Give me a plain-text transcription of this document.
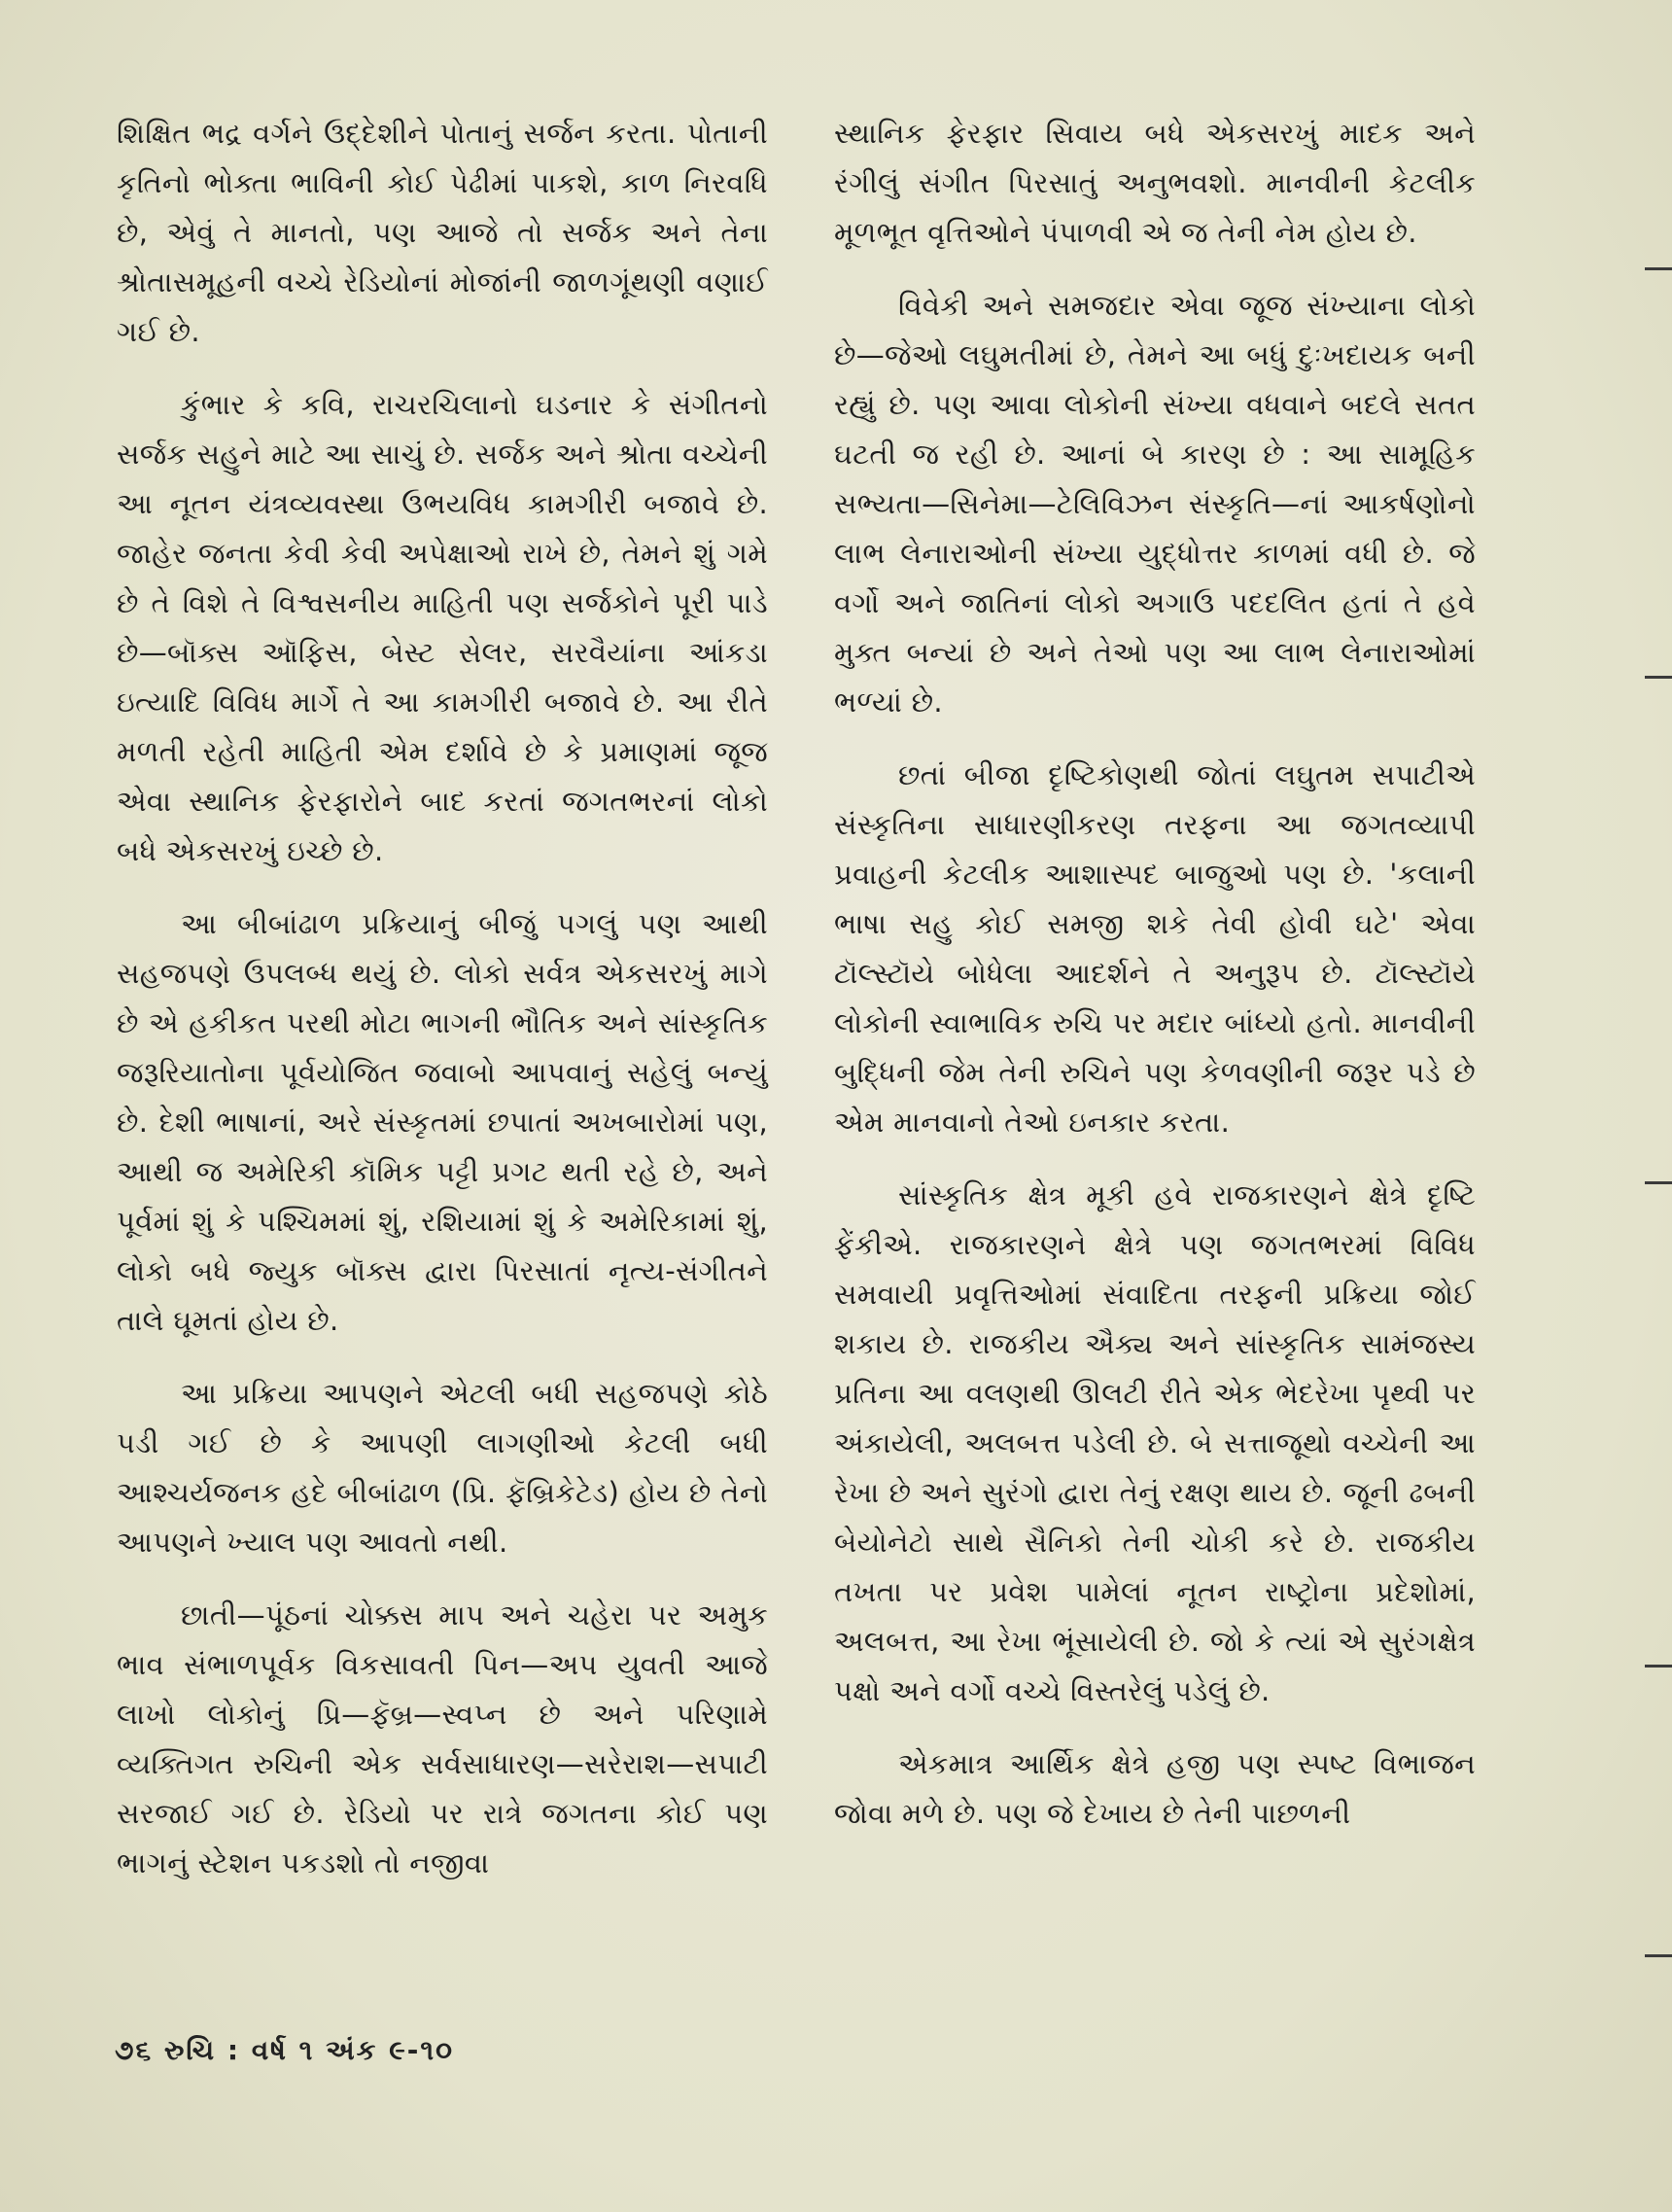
શિક્ષિત ભદ્ર વર્ગને ઉદ્દેશીને પોતાનું સર્જન કરતા. પોતાની કૃતિનો ભોક્તા ભાવિની કોઈ પેઢીમાં પાકશે, કાળ નિરવધિ છે, એવું તે માનતો, પણ આજે તો સર્જક અને તેના શ્રોતાસમૂહની વચ્ચે રેડિયોનાં મોજાંની જાળગૂંથણી વણાઈ ગઈ છે.

કુંભાર કે કવિ, રાચરચિલાનો ઘડનાર કે સંગીતનો સર્જક સહુને માટે આ સાચું છે. સર્જક અને શ્રોતા વચ્ચેની આ નૂતન યંત્રવ્યવસ્થા ઉભયવિધ કામગીરી બજાવે છે. જાહેર જનતા કેવી કેવી અપેક્ષાઓ રાખે છે, તેમને શું ગમે છે તે વિશે તે વિશ્વસનીય માહિતી પણ સર્જકોને પૂરી પાડે છે—બૉક્સ ઑફિસ, બેસ્ટ સેલર, સરવૈયાંના આંકડા ઇત્યાદિ વિવિધ માર્ગે તે આ કામગીરી બજાવે છે. આ રીતે મળતી રહેતી માહિતી એમ દર્શાવે છે કે પ્રમાણમાં જૂજ એવા સ્થાનિક ફેરફારોને બાદ કરતાં જગતભરનાં લોકો બધે એકસરખું ઇચ્છે છે.

આ બીબાંઢાળ પ્રક્રિયાનું બીજું પગલું પણ આથી સહજપણે ઉપલબ્ધ થયું છે. લોકો સર્વત્ર એકસરખું માગે છે એ હકીકત પરથી મોટા ભાગની ભૌતિક અને સાંસ્કૃતિક જરૂરિયાતોના પૂર્વયોજિત જવાબો આપવાનું સહેલું બન્યું છે. દેશી ભાષાનાં, અરે સંસ્કૃતમાં છપાતાં અખબારોમાં પણ, આથી જ અમેરિકી કૉમિક પટ્ટી પ્રગટ થતી રહે છે, અને પૂર્વમાં શું કે પશ્ચિમમાં શું, રશિયામાં શું કે અમેરિકામાં શું, લોકો બધે જ્યુક બૉક્સ દ્વારા પિરસાતાં નૃત્ય-સંગીતને તાલે ઘૂમતાં હોય છે.

આ પ્રક્રિયા આપણને એટલી બધી સહજપણે કોઠે પડી ગઈ છે કે આપણી લાગણીઓ કેટલી બધી આશ્ચર્યજનક હદે બીબાંઢાળ (પ્રિ. ફૅબ્રિકેટેડ) હોય છે તેનો આપણને ખ્યાલ પણ આવતો નથી.

છાતી—પૂંઠનાં ચોક્કસ માપ અને ચહેરા પર અમુક ભાવ સંભાળપૂર્વક વિકસાવતી પિન—અપ યુવતી આજે લાખો લોકોનું પ્રિ—ફૅબ્ર—સ્વપ્ન છે અને પરિણામે વ્યક્તિગત રુચિની એક સર્વસાધારણ—સરેરાશ—સપાટી સરજાઈ ગઈ છે. રેડિયો પર રાત્રે જગતના કોઈ પણ ભાગનું સ્ટેશન પકડશો તો નજીવા

સ્થાનિક ફેરફાર સિવાય બધે એકસરખું માદક અને રંગીલું સંગીત પિરસાતું અનુભવશો. માનવીની કેટલીક મૂળભૂત વૃત્તિઓને પંપાળવી એ જ તેની નેમ હોય છે.

વિવેકી અને સમજદાર એવા જૂજ સંખ્યાના લોકો છે—જેઓ લઘુમતીમાં છે, તેમને આ બધું દુઃખદાયક બની રહ્યું છે. પણ આવા લોકોની સંખ્યા વધવાને બદલે સતત ઘટતી જ રહી છે. આનાં બે કારણ છે : આ સામૂહિક સભ્યતા—સિનેમા—ટેલિવિઝન સંસ્કૃતિ—નાં આકર્ષણોનો લાભ લેનારાઓની સંખ્યા યુદ્ધોત્તર કાળમાં વધી છે. જે વર્ગો અને જાતિનાં લોકો અગાઉ પદદલિત હતાં તે હવે મુક્ત બન્યાં છે અને તેઓ પણ આ લાભ લેનારાઓમાં ભળ્યાં છે.

છતાં બીજા દૃષ્ટિકોણથી જોતાં લઘુતમ સપાટીએ સંસ્કૃતિના સાધારણીકરણ તરફના આ જગતવ્યાપી પ્રવાહની કેટલીક આશાસ્પદ બાજુઓ પણ છે. 'કલાની ભાષા સહુ કોઈ સમજી શકે તેવી હોવી ઘટે' એવા ટૉલ્સ્ટૉયે બોધેલા આદર્શને તે અનુરૂપ છે. ટૉલ્સ્ટૉયે લોકોની સ્વાભાવિક રુચિ પર મદાર બાંધ્યો હતો. માનવીની બુદ્ધિની જેમ તેની રુચિને પણ કેળવણીની જરૂર પડે છે એમ માનવાનો તેઓ ઇનકાર કરતા.

સાંસ્કૃતિક ક્ષેત્ર મૂકી હવે રાજકારણને ક્ષેત્રે દૃષ્ટિ ફેંકીએ. રાજકારણને ક્ષેત્રે પણ જગતભરમાં વિવિધ સમવાયી પ્રવૃત્તિઓમાં સંવાદિતા તરફની પ્રક્રિયા જોઈ શકાય છે. રાજકીય ઐક્ય અને સાંસ્કૃતિક સામંજસ્ય પ્રતિના આ વલણથી ઊલટી રીતે એક ભેદરેખા પૃથ્વી પર અંકાયેલી, અલબત્ત પડેલી છે. બે સત્તાજૂથો વચ્ચેની આ રેખા છે અને સુરંગો દ્વારા તેનું રક્ષણ થાય છે. જૂની ઢબની બેયોનેટો સાથે સૈનિકો તેની ચોકી કરે છે. રાજકીય તખતા પર પ્રવેશ પામેલાં નૂતન રાષ્ટ્રોના પ્રદેશોમાં, અલબત્ત, આ રેખા ભૂંસાયેલી છે. જો કે ત્યાં એ સુરંગક્ષેત્ર પક્ષો અને વર્ગો વચ્ચે વિસ્તરેલું પડેલું છે.

એકમાત્ર આર્થિક ક્ષેત્રે હજી પણ સ્પષ્ટ વિભાજન જોવા મળે છે. પણ જે દેખાય છે તેની પાછળની

૭૬ રુચિ : વર્ષ ૧ અંક ૯-૧૦
